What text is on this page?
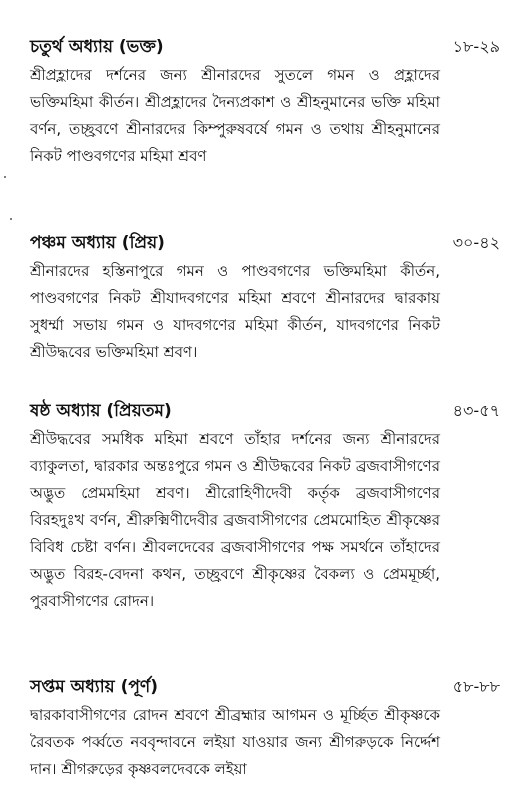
চতুর্থ অধ্যায় (ভক্ত)	১৮-২৯

শ্রীপ্রহ্লাদের দর্শনের জন্য শ্রীনারদের সুতলে গমন ও প্রহ্লাদের ভক্তিমহিমা কীর্তন। শ্রীপ্রহ্লাদের দৈন্যপ্রকাশ ও শ্রীহনুমানের ভক্তি মহিমা বর্ণন, তচ্ছ্রবণে শ্রীনারদের কিম্পুরুষবর্ষে গমন ও তথায় শ্রীহনুমানের নিকট পাণ্ডবগণের মহিমা শ্রবণ

পঞ্চম অধ্যায় (প্রিয়)	৩০-৪২

শ্রীনারদের হস্তিনাপুরে গমন ও পাণ্ডবগণের ভক্তিমহিমা কীর্তন, পাণ্ডবগণের নিকট শ্রীযাদবগণের মহিমা শ্রবণে শ্রীনারদের দ্বারকায় সুধর্ম্মা সভায় গমন ও যাদবগণের মহিমা কীর্তন, যাদবগণের নিকট শ্রীউদ্ধবের ভক্তিমহিমা শ্রবণ।

ষষ্ঠ অধ্যায় (প্রিয়তম)	৪৩-৫৭

শ্রীউদ্ধবের সমধিক মহিমা শ্রবণে তাঁহার দর্শনের জন্য শ্রীনারদের ব্যাকুলতা, দ্বারকার অন্তঃপুরে গমন ও শ্রীউদ্ধবের নিকট ব্রজবাসীগণের অদ্ভুত প্রেমমহিমা শ্রবণ। শ্রীরোহিণীদেবী কর্তৃক ব্রজবাসীগণের বিরহদুঃখ বর্ণন, শ্রীরুক্মিণীদেবীর ব্রজবাসীগণের প্রেমমোহিত শ্রীকৃষ্ণের বিবিধ চেষ্টা বর্ণন। শ্রীবলদেবের ব্রজবাসীগণের পক্ষ সমর্থনে তাঁহাদের অদ্ভুত বিরহ-বেদনা কথন, তচ্ছ্রবণে শ্রীকৃষ্ণের বৈকল্য ও প্রেমমূর্চ্ছা, পুরবাসীগণের রোদন।

সপ্তম অধ্যায় (পূর্ণ)	৫৮-৮৮

দ্বারকাবাসীগণের রোদন শ্রবণে শ্রীব্রহ্মার আগমন ও মূর্চ্ছিত শ্রীকৃষ্ণকে রৈবতক পর্ব্বতে নববৃন্দাবনে লইয়া যাওয়ার জন্য শ্রীগরুড়কে নির্দ্দেশ দান। শ্রীগরুড়ের কৃষ্ণবলদেবকে লইয়া
